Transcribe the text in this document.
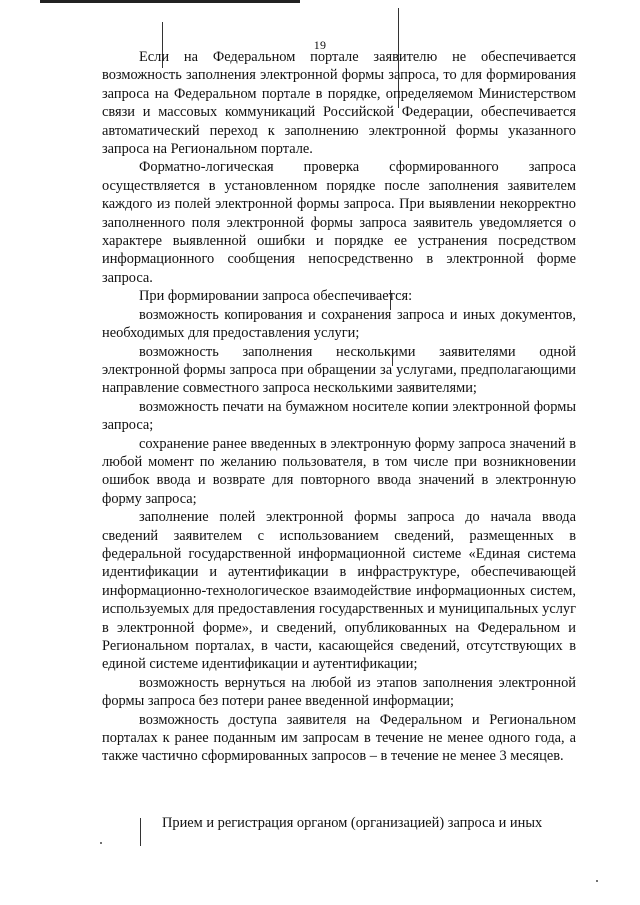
19

Если на Федеральном портале заявителю не обеспечивается возможность заполнения электронной формы запроса, то для формирования запроса на Федеральном портале в порядке, определяемом Министерством связи и массовых коммуникаций Российской Федерации, обеспечивается автоматический переход к заполнению электронной формы указанного запроса на Региональном портале.

Форматно-логическая проверка сформированного запроса осуществляется в установленном порядке после заполнения заявителем каждого из полей электронной формы запроса. При выявлении некорректно заполненного поля электронной формы запроса заявитель уведомляется о характере выявленной ошибки и порядке ее устранения посредством информационного сообщения непосредственно в электронной форме запроса.

При формировании запроса обеспечивается:

возможность копирования и сохранения запроса и иных документов, необходимых для предоставления услуги;

возможность заполнения несколькими заявителями одной электронной формы запроса при обращении за услугами, предполагающими направление совместного запроса несколькими заявителями;

возможность печати на бумажном носителе копии электронной формы запроса;

сохранение ранее введенных в электронную форму запроса значений в любой момент по желанию пользователя, в том числе при возникновении ошибок ввода и возврате для повторного ввода значений в электронную форму запроса;

заполнение полей электронной формы запроса до начала ввода сведений заявителем с использованием сведений, размещенных в федеральной государственной информационной системе «Единая система идентификации и аутентификации в инфраструктуре, обеспечивающей информационно-технологическое взаимодействие информационных систем, используемых для предоставления государственных и муниципальных услуг в электронной форме», и сведений, опубликованных на Федеральном и Региональном порталах, в части, касающейся сведений, отсутствующих в единой системе идентификации и аутентификации;

возможность вернуться на любой из этапов заполнения электронной формы запроса без потери ранее введенной информации;

возможность доступа заявителя на Федеральном и Региональном порталах к ранее поданным им запросам в течение не менее одного года, а также частично сформированных запросов – в течение не менее 3 месяцев.

Прием и регистрация органом (организацией) запроса и иных
